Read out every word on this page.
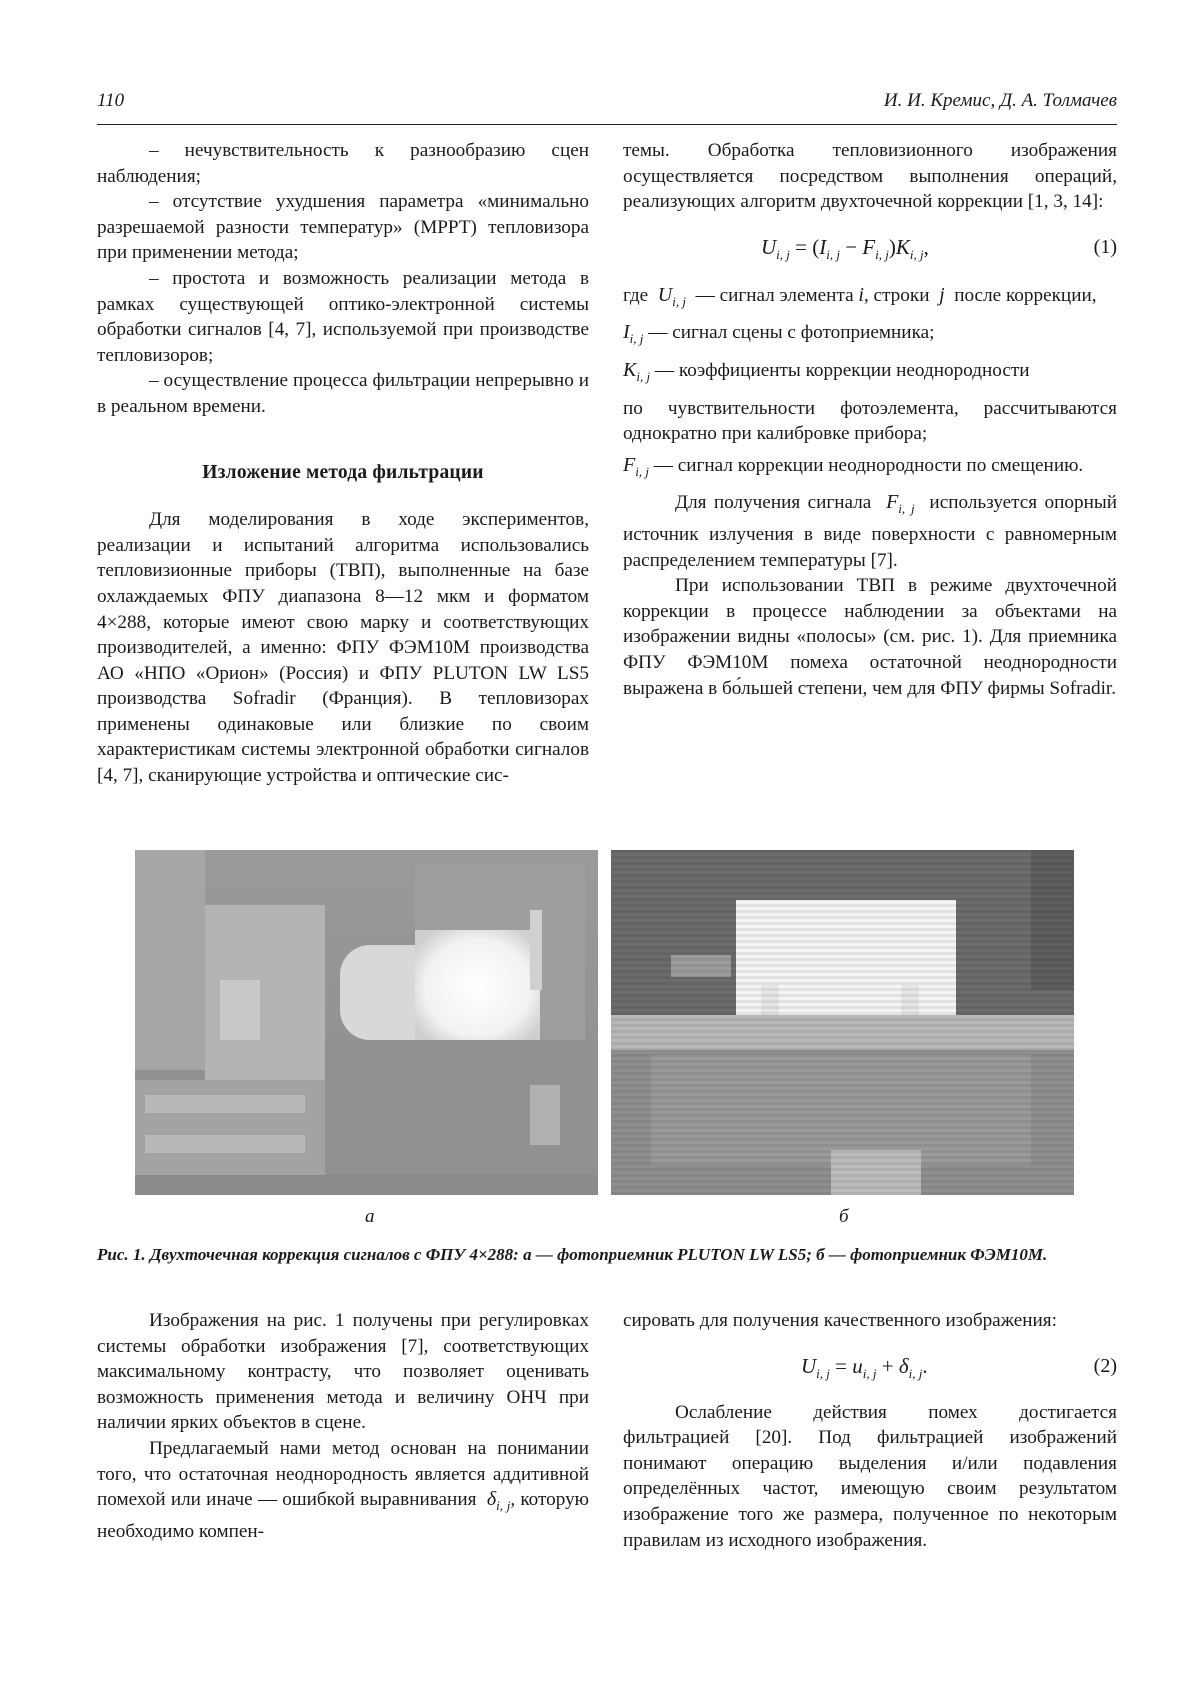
110	И. И. Кремис, Д. А. Толмачев

– нечувствительность к разнообразию сцен наблюдения;

– отсутствие ухудшения параметра «минимально разрешаемой разности температур» (МРРТ) тепловизора при применении метода;

– простота и возможность реализации метода в рамках существующей оптико-электронной системы обработки сигналов [4, 7], используемой при производстве тепловизоров;

– осуществление процесса фильтрации непрерывно и в реальном времени.

Изложение метода фильтрации

Для моделирования в ходе экспериментов, реализации и испытаний алгоритма использовались тепловизионные приборы (ТВП), выполненные на базе охлаждаемых ФПУ диапазона 8—12 мкм и форматом 4×288, которые имеют свою марку и соответствующих производителей, а именно: ФПУ ФЭМ10М производства АО «НПО «Орион» (Россия) и ФПУ PLUTON LW LS5 производства Sofradir (Франция). В тепловизорах применены одинаковые или близкие по своим характеристикам системы электронной обработки сигналов [4, 7], сканирующие устройства и оптические сис-

темы. Обработка тепловизионного изображения осуществляется посредством выполнения операций, реализующих алгоритм двухточечной коррекции [1, 3, 14]:

$U_{i, j} = (I_{i, j} - F_{i, j})K_{i, j}$,	(1)

где $U_{i, j}$ — сигнал элемента i, строки j после коррекции,

$I_{i, j}$ — сигнал сцены с фотоприемника;

$K_{i, j}$ — коэффициенты коррекции неоднородности

по чувствительности фотоэлемента, рассчитываются однократно при калибровке прибора;

$F_{i, j}$ — сигнал коррекции неоднородности по смещению.

Для получения сигнала $F_{i, j}$ используется опорный источник излучения в виде поверхности с равномерным распределением температуры [7].

При использовании ТВП в режиме двухточечной коррекции в процессе наблюдении за объектами на изображении видны «полосы» (см. рис. 1). Для приемника ФПУ ФЭМ10М помеха остаточной неоднородности выражена в бо́льшей степени, чем для ФПУ фирмы Sofradir.

а	б
Рис. 1. Двухточечная коррекция сигналов с ФПУ 4×288: а — фотоприемник PLUTON LW LS5; б — фотоприемник ФЭМ10М.

Изображения на рис. 1 получены при регулировках системы обработки изображения [7], соответствующих максимальному контрасту, что позволяет оценивать возможность применения метода и величину ОНЧ при наличии ярких объектов в сцене.

Предлагаемый нами метод основан на понимании того, что остаточная неоднородность является аддитивной помехой или иначе — ошибкой выравнивания $\delta_{i, j}$, которую необходимо компен-

сировать для получения качественного изображения:

$U_{i, j} = u_{i, j} + \delta_{i, j}$.	(2)

Ослабление действия помех достигается фильтрацией [20]. Под фильтрацией изображений понимают операцию выделения и/или подавления определённых частот, имеющую своим результатом изображение того же размера, полученное по некоторым правилам из исходного изображения.
